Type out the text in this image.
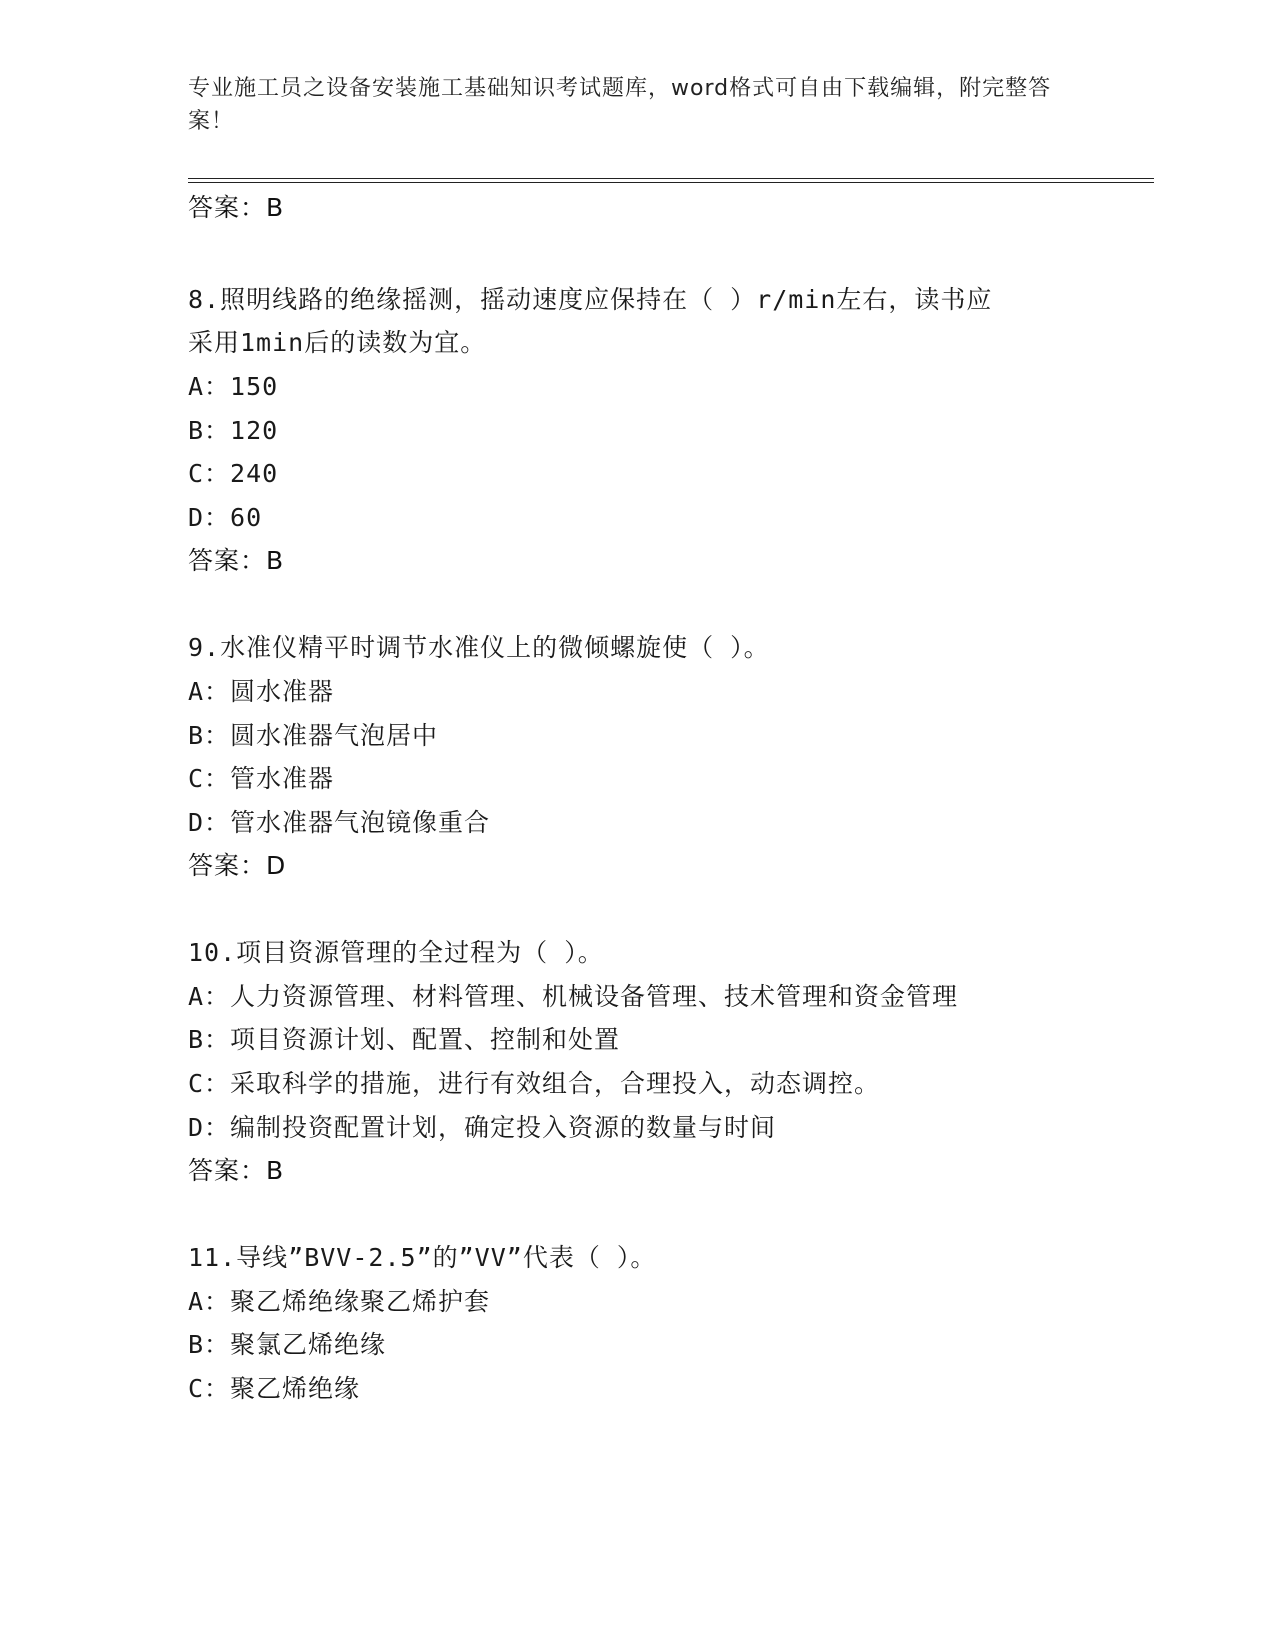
专业施工员之设备安装施工基础知识考试题库，word格式可自由下载编辑，附完整答案！
答案：B
8.照明线路的绝缘摇测，摇动速度应保持在（ ）r/min左右，读书应
采用1min后的读数为宜。
A：150
B：120
C：240
D：60
答案：B
9.水准仪精平时调节水准仪上的微倾螺旋使（ ）。
A：圆水准器
B：圆水准器气泡居中
C：管水准器
D：管水准器气泡镜像重合
答案：D
10.项目资源管理的全过程为（ ）。
A：人力资源管理、材料管理、机械设备管理、技术管理和资金管理
B：项目资源计划、配置、控制和处置
C：采取科学的措施，进行有效组合，合理投入，动态调控。
D：编制投资配置计划，确定投入资源的数量与时间
答案：B
11.导线”BVV-2.5”的”VV”代表（ ）。
A：聚乙烯绝缘聚乙烯护套
B：聚氯乙烯绝缘
C：聚乙烯绝缘
